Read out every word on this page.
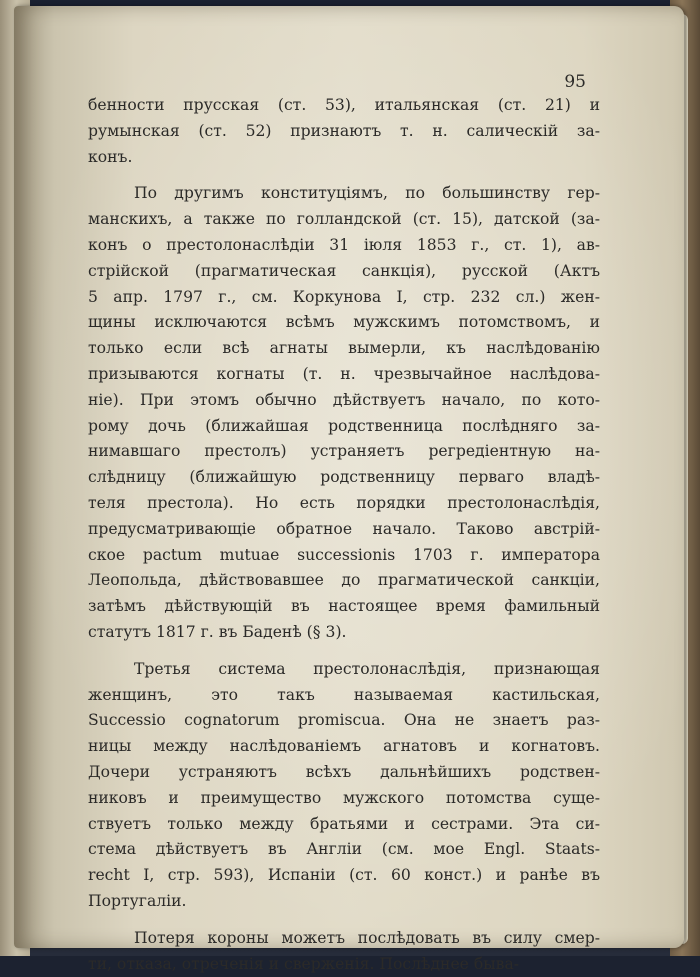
95
бенности прусская (ст. 53), итальянская (ст. 21) и
румынская (ст. 52) признаютъ т. н. салическій за-
конъ.
По другимъ конституціямъ, по большинству гер-
манскихъ, а также по голландской (ст. 15), датской (за-
конъ о престолонаслѣдіи 31 іюля 1853 г., ст. 1), ав-
стрійской (прагматическая санкція), русской (Актъ
5 апр. 1797 г., см. Коркунова І, стр. 232 сл.) жен-
щины исключаются всѣмъ мужскимъ потомствомъ, и
только если всѣ агнаты вымерли, къ наслѣдованію
призываются когнаты (т. н. чрезвычайное наслѣдова-
ніе). При этомъ обычно дѣйствуетъ начало, по кото-
рому дочь (ближайшая родственница послѣдняго за-
нимавшаго престолъ) устраняетъ регредіентную на-
слѣдницу (ближайшую родственницу перваго владѣ-
теля престола). Но есть порядки престолонаслѣдія,
предусматривающіе обратное начало. Таково австрій-
ское pactum mutuae successionis 1703 г. императора
Леопольда, дѣйствовавшее до прагматической санкціи,
затѣмъ дѣйствующій въ настоящее время фамильный
статутъ 1817 г. въ Баденѣ (§ 3).
Третья система престолонаслѣдія, признающая
женщинъ, это такъ называемая кастильская,
Successio cognatorum promiscua. Она не знаетъ раз-
ницы между наслѣдованіемъ агнатовъ и когнатовъ.
Дочери устраняютъ всѣхъ дальнѣйшихъ родствен-
никовъ и преимущество мужского потомства суще-
ствуетъ только между братьями и сестрами. Эта си-
стема дѣйствуетъ въ Англіи (см. мое Engl. Staats-
recht I, стр. 593), Испаніи (ст. 60 конст.) и ранѣе въ
Португаліи.
Потеря короны можетъ послѣдовать въ силу смер-
ти, отказа, отреченія и сверженія. Послѣднее быва-
